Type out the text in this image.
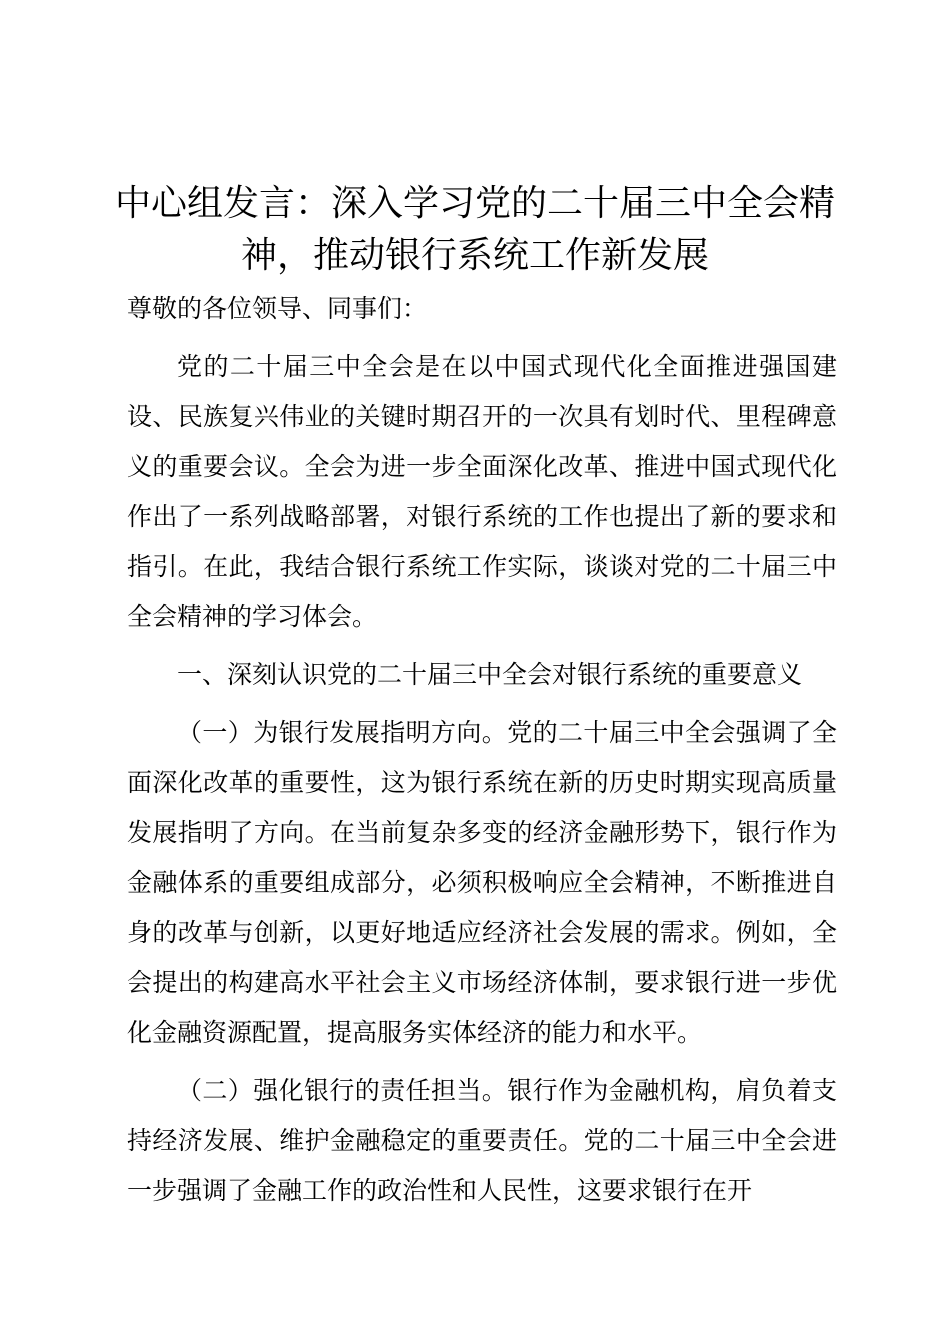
中心组发言：深入学习党的二十届三中全会精神，推动银行系统工作新发展

尊敬的各位领导、同事们：

党的二十届三中全会是在以中国式现代化全面推进强国建设、民族复兴伟业的关键时期召开的一次具有划时代、里程碑意义的重要会议。全会为进一步全面深化改革、推进中国式现代化作出了一系列战略部署，对银行系统的工作也提出了新的要求和指引。在此，我结合银行系统工作实际，谈谈对党的二十届三中全会精神的学习体会。

一、深刻认识党的二十届三中全会对银行系统的重要意义

（一）为银行发展指明方向。党的二十届三中全会强调了全面深化改革的重要性，这为银行系统在新的历史时期实现高质量发展指明了方向。在当前复杂多变的经济金融形势下，银行作为金融体系的重要组成部分，必须积极响应全会精神，不断推进自身的改革与创新，以更好地适应经济社会发展的需求。例如，全会提出的构建高水平社会主义市场经济体制，要求银行进一步优化金融资源配置，提高服务实体经济的能力和水平。

（二）强化银行的责任担当。银行作为金融机构，肩负着支持经济发展、维护金融稳定的重要责任。党的二十届三中全会进一步强调了金融工作的政治性和人民性，这要求银行在开
